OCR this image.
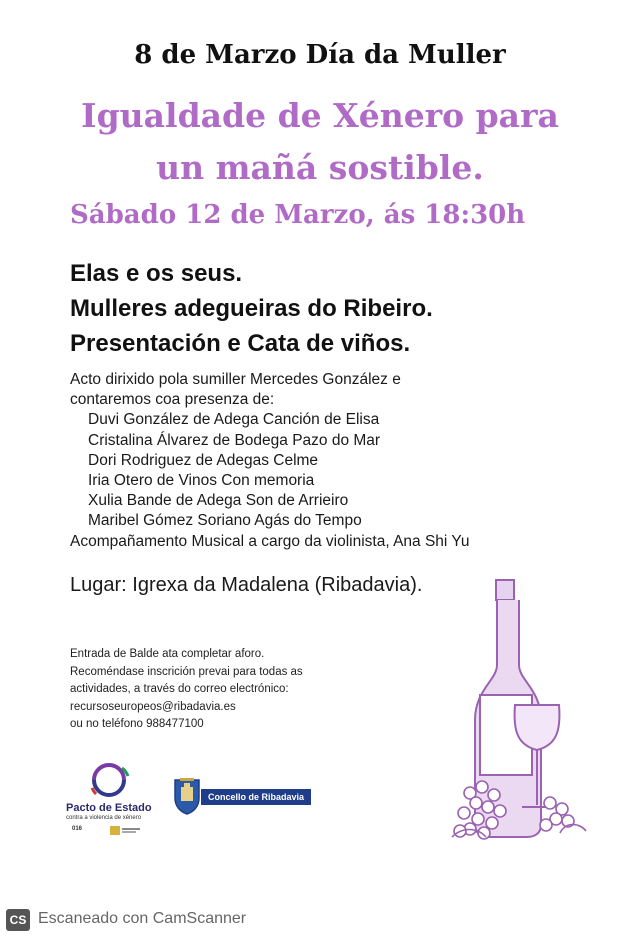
8 de Marzo Día da Muller
Igualdade de Xénero para
un mañá sostible.
Sábado 12 de Marzo, ás 18:30h
Elas e os seus.
Mulleres adegueiras do Ribeiro.
Presentación e Cata de viños.
Acto dirixido pola sumiller Mercedes González e
contaremos coa presenza de:
Duvi González de Adega Canción de Elisa
Cristalina Álvarez de Bodega Pazo do Mar
Dori Rodriguez de Adegas Celme
Iria Otero de Vinos Con memoria
Xulia Bande de Adega Son de Arrieiro
Maribel Gómez Soriano Agás do Tempo
Acompañamento Musical a cargo da violinista, Ana Shi Yu
Lugar: Igrexa da Madalena (Ribadavia).
Entrada de Balde ata completar aforo.
Recoméndase inscrición prevai para todas as
actividades, a través do correo electrónico:
recursoseuropeos@ribadavia.es
ou no teléfono 988477100
Pacto de Estado
contra a violencia de xénero
016
Concello de Ribadavia
CS Escaneado con CamScanner
